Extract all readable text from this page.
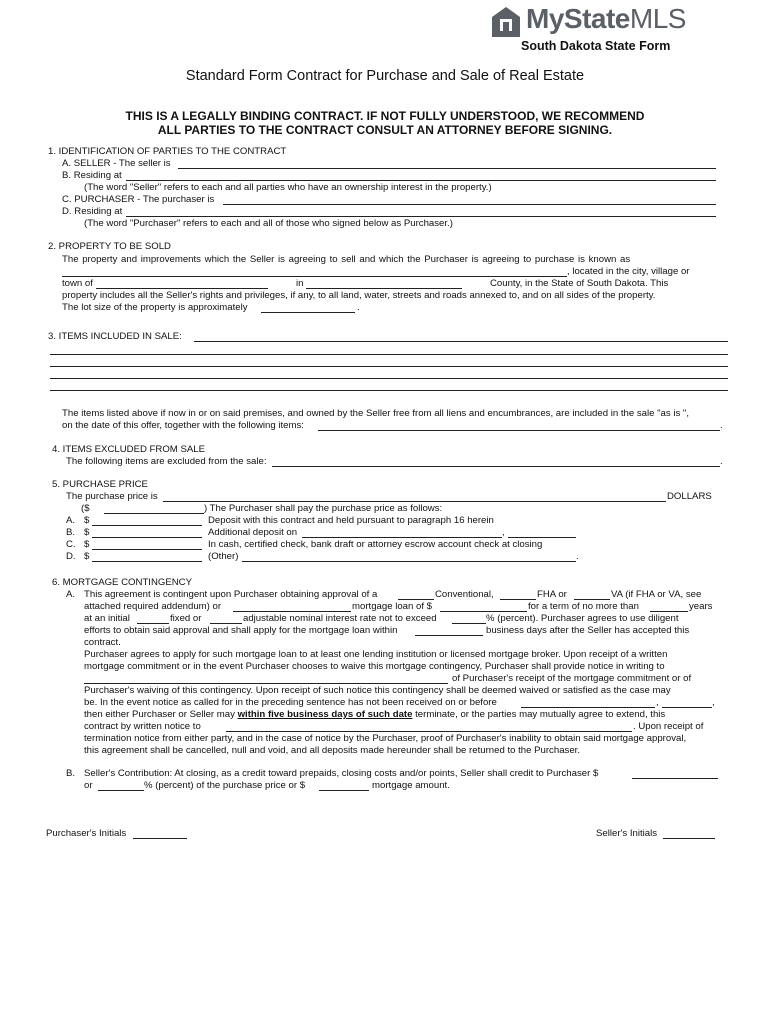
MyStateMLS
South Dakota State Form
Standard Form Contract for Purchase and Sale of Real Estate
THIS IS A LEGALLY BINDING CONTRACT. IF NOT FULLY UNDERSTOOD, WE RECOMMEND
ALL PARTIES TO THE CONTRACT CONSULT AN ATTORNEY BEFORE SIGNING.
1. IDENTIFICATION OF PARTIES TO THE CONTRACT
A. SELLER - The seller is
B. Residing at
(The word "Seller" refers to each and all parties who have an ownership interest in the property.)
C. PURCHASER - The purchaser is
D. Residing at
(The word "Purchaser" refers to each and all of those who signed below as Purchaser.)
2. PROPERTY TO BE SOLD
The property and improvements which the Seller is agreeing to sell and which the Purchaser is agreeing to purchase is known as
, located in the city, village or
town of	in	County, in the State of South Dakota. This
property includes all the Seller's rights and privileges, if any, to all land, water, streets and roads annexed to, and on all sides of the property.
The lot size of the property is approximately	.
3. ITEMS INCLUDED IN SALE:
The items listed above if now in or on said premises, and owned by the Seller free from all liens and encumbrances, are included in the sale "as is ",
on the date of this offer, together with the following items:	.
4. ITEMS EXCLUDED FROM SALE
The following items are excluded from the sale:	.
5. PURCHASE PRICE
The purchase price is	DOLLARS
($	) The Purchaser shall pay the purchase price as follows:
A. $	Deposit with this contract and held pursuant to paragraph 16 herein
B. $	Additional deposit on	,
C. $	In cash, certified check, bank draft or attorney escrow account check at closing
D. $	(Other)	.
6. MORTGAGE CONTINGENCY
A. This agreement is contingent upon Purchaser obtaining approval of a	Conventional,	FHA or	VA (if FHA or VA, see
attached required addendum) or	mortgage loan of $	for a term of no more than	years
at an initial	fixed or	adjustable nominal interest rate not to exceed	% (percent). Purchaser agrees to use diligent
efforts to obtain said approval and shall apply for the mortgage loan within	business days after the Seller has accepted this
contract.
Purchaser agrees to apply for such mortgage loan to at least one lending institution or licensed mortgage broker. Upon receipt of a written
mortgage commitment or in the event Purchaser chooses to waive this mortgage contingency, Purchaser shall provide notice in writing to
of Purchaser's receipt of the mortgage commitment or of
Purchaser's waiving of this contingency. Upon receipt of such notice this contingency shall be deemed waived or satisfied as the case may
be. In the event notice as called for in the preceding sentence has not been received on or before	,	,
then either Purchaser or Seller may within five business days of such date terminate, or the parties may mutually agree to extend, this
contract by written notice to	. Upon receipt of
termination notice from either party, and in the case of notice by the Purchaser, proof of Purchaser's inability to obtain said mortgage approval,
this agreement shall be cancelled, null and void, and all deposits made hereunder shall be returned to the Purchaser.
B. Seller's Contribution: At closing, as a credit toward prepaids, closing costs and/or points, Seller shall credit to Purchaser $
or	% (percent) of the purchase price or $	mortgage amount.
Purchaser's Initials	Seller's Initials
